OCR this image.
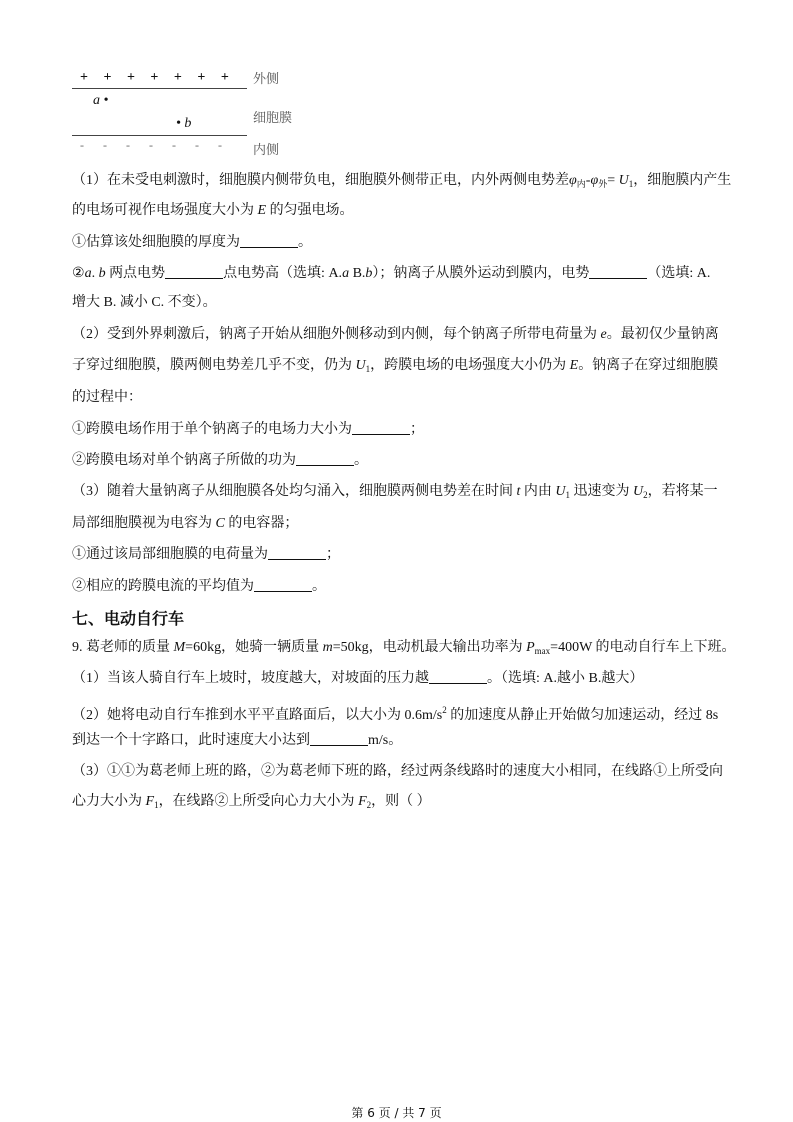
+ + + + + + + 外侧
a •
细胞膜
• b
- - - - - - - 内侧
（1）在未受电刺激时，细胞膜内侧带负电，细胞膜外侧带正电，内外两侧电势差$\varphi_内-\varphi_外= U_1$，细胞膜内产生
的电场可视作电场强度大小为 E 的匀强电场。
①估算该处细胞膜的厚度为	。
②a. b 两点电势	点电势高（选填: A.a B.b）；钠离子从膜外运动到膜内，电势	（选填: A.
增大 B. 减小 C. 不变）。
（2）受到外界刺激后，钠离子开始从细胞外侧移动到内侧，每个钠离子所带电荷量为 e。最初仅少量钠离
子穿过细胞膜，膜两侧电势差几乎不变，仍为 $U_1$，跨膜电场的电场强度大小仍为 E。钠离子在穿过细胞膜
的过程中：
①跨膜电场作用于单个钠离子的电场力大小为	；
②跨膜电场对单个钠离子所做的功为	。
（3）随着大量钠离子从细胞膜各处均匀涌入，细胞膜两侧电势差在时间 t 内由 $U_1$ 迅速变为 $U_2$，若将某一
局部细胞膜视为电容为 C 的电容器；
①通过该局部细胞膜的电荷量为	；
②相应的跨膜电流的平均值为	。
9. 葛老师的质量 M=60kg，她骑一辆质量 m=50kg，电动机最大输出功率为 $P_{max}=400W$ 的电动自行车上下班。
（1）当该人骑自行车上坡时，坡度越大，对坡面的压力越	。（选填: A.越小 B.越大）
（2）她将电动自行车推到水平平直路面后，以大小为 $0.6m/s^2$ 的加速度从静止开始做匀加速运动，经过 8s
到达一个十字路口，此时速度大小达到	m/s。
（3）①①为葛老师上班的路，②为葛老师下班的路，经过两条线路时的速度大小相同，在线路①上所受向
心力大小为 $F_1$，在线路②上所受向心力大小为 $F_2$，则（ ）
七、电动自行车
第 6 页 / 共 7 页
